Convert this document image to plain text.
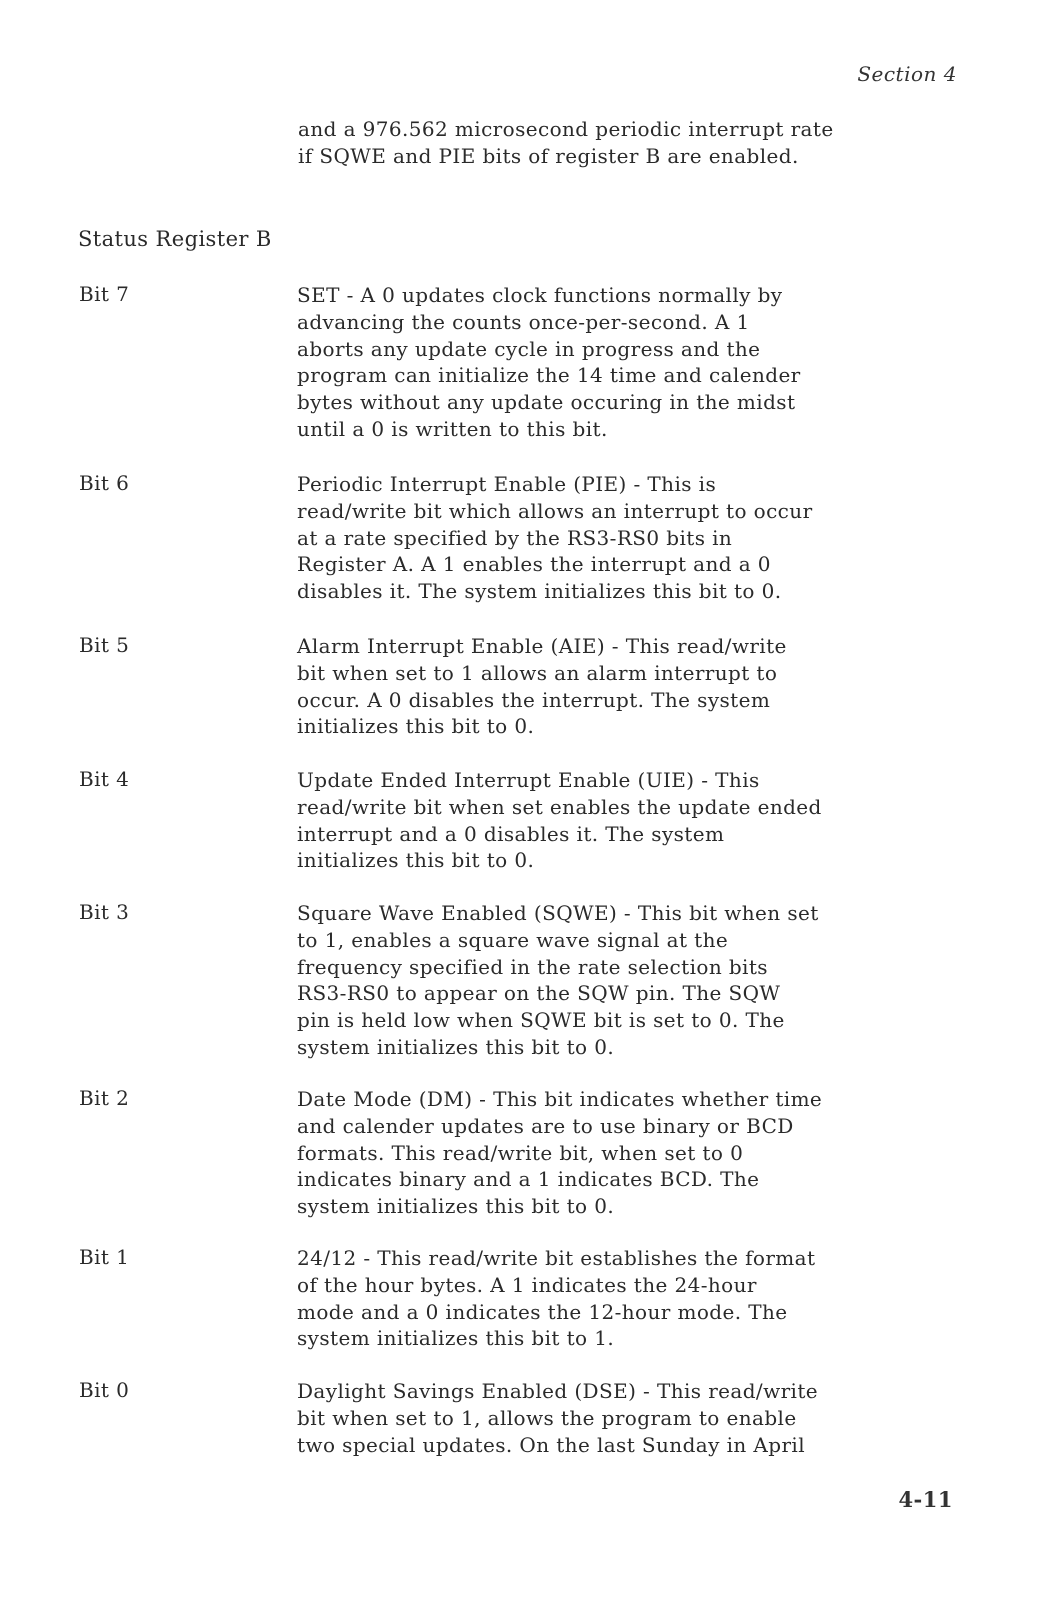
Section 4
and a 976.562 microsecond periodic interrupt rate
if SQWE and PIE bits of register B are enabled.
Status Register B
Bit 7	SET - A 0 updates clock functions normally by
advancing the counts once-per-second. A 1
aborts any update cycle in progress and the
program can initialize the 14 time and calender
bytes without any update occuring in the midst
until a 0 is written to this bit.
Bit 6	Periodic Interrupt Enable (PIE) - This is
read/write bit which allows an interrupt to occur
at a rate specified by the RS3-RS0 bits in
Register A. A 1 enables the interrupt and a 0
disables it. The system initializes this bit to 0.
Bit 5	Alarm Interrupt Enable (AIE) - This read/write
bit when set to 1 allows an alarm interrupt to
occur. A 0 disables the interrupt. The system
initializes this bit to 0.
Bit 4	Update Ended Interrupt Enable (UIE) - This
read/write bit when set enables the update ended
interrupt and a 0 disables it. The system
initializes this bit to 0.
Bit 3	Square Wave Enabled (SQWE) - This bit when set
to 1, enables a square wave signal at the
frequency specified in the rate selection bits
RS3-RS0 to appear on the SQW pin. The SQW
pin is held low when SQWE bit is set to 0. The
system initializes this bit to 0.
Bit 2	Date Mode (DM) - This bit indicates whether time
and calender updates are to use binary or BCD
formats. This read/write bit, when set to 0
indicates binary and a 1 indicates BCD. The
system initializes this bit to 0.
Bit 1	24/12 - This read/write bit establishes the format
of the hour bytes. A 1 indicates the 24-hour
mode and a 0 indicates the 12-hour mode. The
system initializes this bit to 1.
Bit 0	Daylight Savings Enabled (DSE) - This read/write
bit when set to 1, allows the program to enable
two special updates. On the last Sunday in April
4-11
